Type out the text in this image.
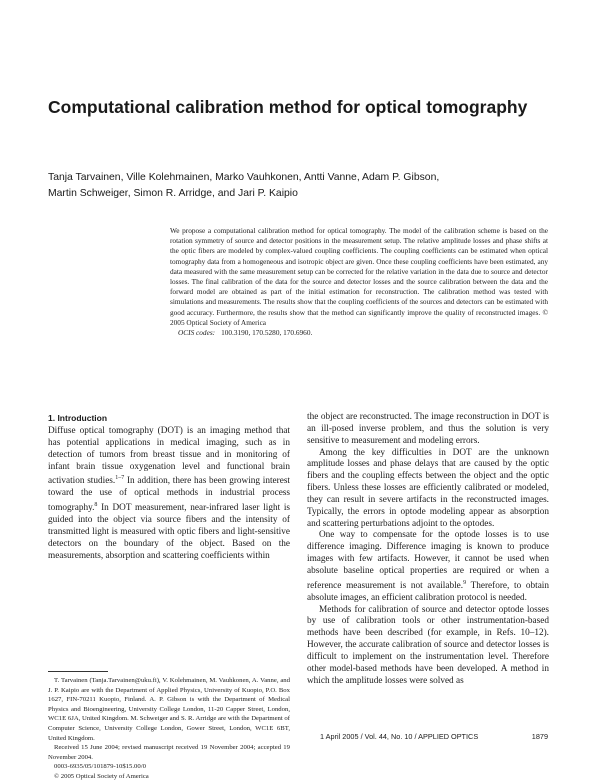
Computational calibration method for optical tomography
Tanja Tarvainen, Ville Kolehmainen, Marko Vauhkonen, Antti Vanne, Adam P. Gibson,
Martin Schweiger, Simon R. Arridge, and Jari P. Kaipio

We propose a computational calibration method for optical tomography. The model of the calibration scheme is based on the rotation symmetry of source and detector positions in the measurement setup. The relative amplitude losses and phase shifts at the optic fibers are modeled by complex-valued coupling coefficients. The coupling coefficients can be estimated when optical tomography data from a homogeneous and isotropic object are given. Once these coupling coefficients have been estimated, any data measured with the same measurement setup can be corrected for the relative variation in the data due to source and detector losses. The final calibration of the data for the source and detector losses and the source calibration between the data and the forward model are obtained as part of the initial estimation for reconstruction. The calibration method was tested with simulations and measurements. The results show that the coupling coefficients of the sources and detectors can be estimated with good accuracy. Furthermore, the results show that the method can significantly improve the quality of reconstructed images. © 2005 Optical Society of America

OCIS codes: 100.3190, 170.5280, 170.6960.

1. Introduction

Diffuse optical tomography (DOT) is an imaging method that has potential applications in medical imaging, such as in detection of tumors from breast tissue and in monitoring of infant brain tissue oxygenation level and functional brain activation studies.$^{1-7}$ In addition, there has been growing interest toward the use of optical methods in industrial process tomography.$^8$ In DOT measurement, near-infrared laser light is guided into the object via source fibers and the intensity of transmitted light is measured with optic fibers and light-sensitive detectors on the boundary of the object. Based on the measurements, absorption and scattering coefficients within

T. Tarvainen (Tanja.Tarvainen@uku.fi), V. Kolehmainen, M. Vauhkonen, A. Vanne, and J. P. Kaipio are with the Department of Applied Physics, University of Kuopio, P.O. Box 1627, FIN-70211 Kuopio, Finland. A. P. Gibson is with the Department of Medical Physics and Bioengineering, University College London, 11-20 Capper Street, London, WC1E 6JA, United Kingdom. M. Schweiger and S. R. Arridge are with the Department of Computer Science, University College London, Gower Street, London, WC1E 6BT, United Kingdom.

Received 15 June 2004; revised manuscript received 19 November 2004; accepted 19 November 2004.

0003-6935/05/101879-10$15.00/0

© 2005 Optical Society of America

the object are reconstructed. The image reconstruction in DOT is an ill-posed inverse problem, and thus the solution is very sensitive to measurement and modeling errors.

Among the key difficulties in DOT are the unknown amplitude losses and phase delays that are caused by the optic fibers and the coupling effects between the object and the optic fibers. Unless these losses are efficiently calibrated or modeled, they can result in severe artifacts in the reconstructed images. Typically, the errors in optode modeling appear as absorption and scattering perturbations adjoint to the optodes.

One way to compensate for the optode losses is to use difference imaging. Difference imaging is known to produce images with few artifacts. However, it cannot be used when absolute baseline optical properties are required or when a reference measurement is not available.$^9$ Therefore, to obtain absolute images, an efficient calibration protocol is needed.

Methods for calibration of source and detector optode losses by use of calibration tools or other instrumentation-based methods have been described (for example, in Refs. 10–12). However, the accurate calibration of source and detector losses is difficult to implement on the instrumentation level. Therefore other model-based methods have been developed. A method in which the amplitude losses were solved as

1 April 2005 / Vol. 44, No. 10 / APPLIED OPTICS	1879
